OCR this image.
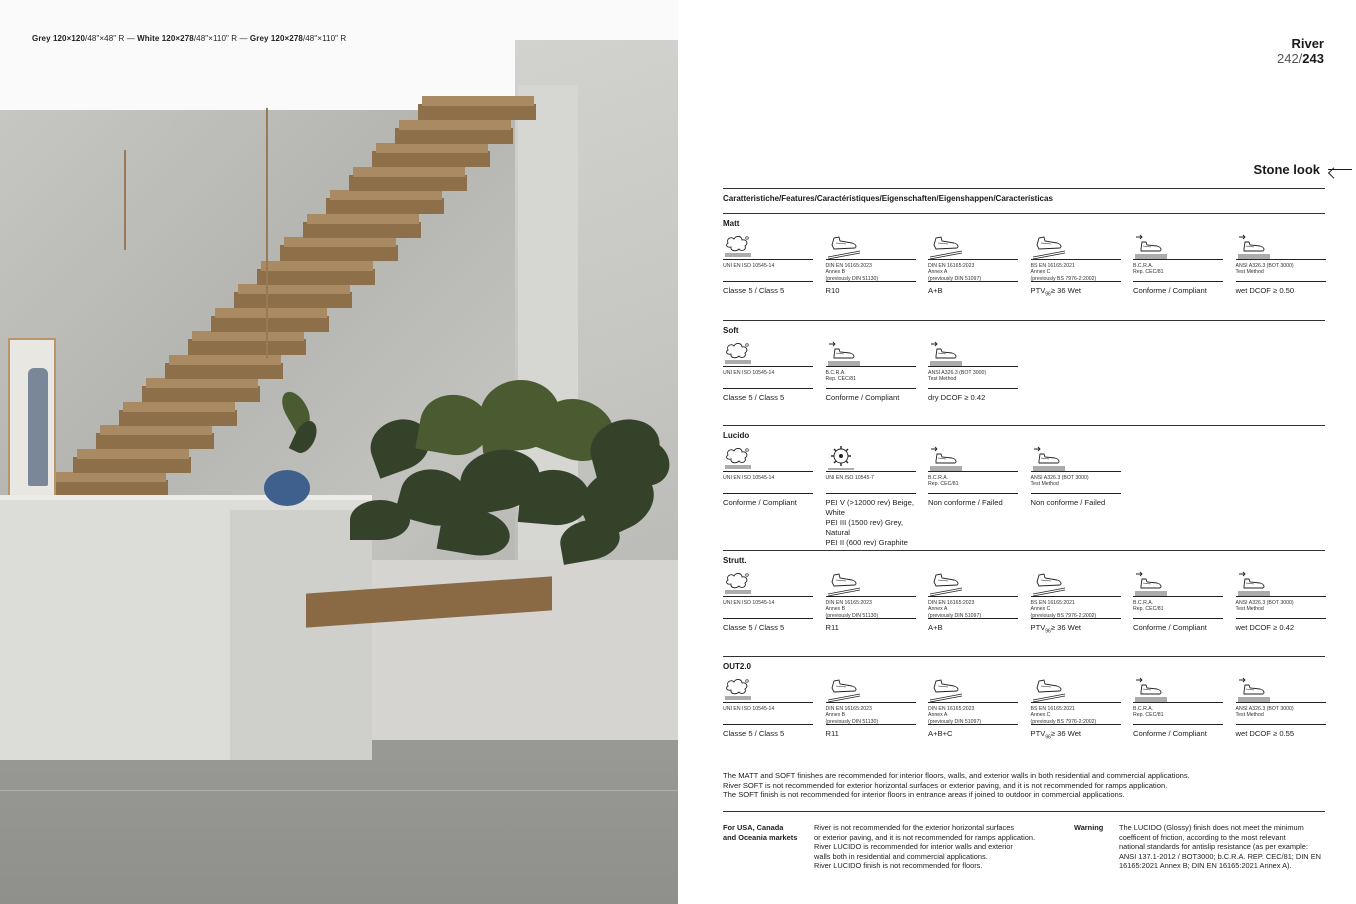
Grey 120×120/48"×48" R — White 120×278/48"×110" R — Grey 120×278/48"×110" R	River
242/243
Stone look
Caratteristiche/Features/Caractéristiques/Eigenschaften/Eigenshappen/Características
Matt
UNI EN ISO 10545-14
Classe 5 / Class 5
DIN EN 16165:2023
Annex B
(previously DIN 51130)
R10
DIN EN 16165:2023
Annex A
(previously DIN 51097)
A+B
BS EN 16165:2021
Annex C
(previously BS 7976-2:2002)
$PTV_{96}\ge 36$ Wet
B.C.R.A.
Rep. CEC/81
Conforme / Compliant
ANSI A326.3 (BOT 3000)
Test Method
wet DCOF ≥ 0.50
Soft
UNI EN ISO 10545-14
Classe 5 / Class 5
B.C.R.A.
Rep. CEC/81
Conforme / Compliant
ANSI A326.3 (BOT 3000)
Test Method
dry DCOF ≥ 0.42
Lucido
UNI EN ISO 10545-14
Conforme / Compliant
UNI EN ISO 10545-7
PEI V (>12000 rev) Beige, White
PEI III (1500 rev) Grey, Natural
PEI II (600 rev) Graphite
B.C.R.A.
Rep. CEC/81
Non conforme / Failed
ANSI A326.3 (BOT 3000)
Test Method
Non conforme / Failed
Strutt.
UNI EN ISO 10545-14
Classe 5 / Class 5
DIN EN 16165:2023
Annex B
(previously DIN 51130)
R11
DIN EN 16165:2023
Annex A
(previously DIN 51097)
A+B
BS EN 16165:2021
Annex C
(previously BS 7976-2:2002)
$PTV_{96}\ge 36$ Wet
B.C.R.A.
Rep. CEC/81
Conforme / Compliant
ANSI A326.3 (BOT 3000)
Test Method
wet DCOF ≥ 0.42
OUT2.0
UNI EN ISO 10545-14
Classe 5 / Class 5
DIN EN 16165:2023
Annex B
(previously DIN 51130)
R11
DIN EN 16165:2023
Annex A
(previously DIN 51097)
A+B+C
BS EN 16165:2021
Annex C
(previously BS 7976-2:2002)
$PTV_{96}\ge 36$ Wet
B.C.R.A.
Rep. CEC/81
Conforme / Compliant
ANSI A326.3 (BOT 3000)
Test Method
wet DCOF ≥ 0.55
The MATT and SOFT finishes are recommended for interior floors, walls, and exterior walls in both residential and commercial applications.
River SOFT is not recommended for exterior horizontal surfaces or exterior paving, and it is not recommended for ramps application.
The SOFT finish is not recommended for interior floors in entrance areas if joined to outdoor in commercial applications.
For USA, Canada
and Oceania markets
River is not recommended for the exterior horizontal surfaces
or exterior paving, and it is not recommended for ramps application.
River LUCIDO is recommended for interior walls and exterior
walls both in residential and commercial applications.
River LUCIDO finish is not recommended for floors.
Warning The LUCIDO (Glossy) finish does not meet the minimum
coefficent of friction, according to the most relevant
national standards for antislip resistance (as per example:
ANSI 137.1-2012 / BOT3000; b.C.R.A. REP. CEC/81; DIN EN
16165:2021 Annex B; DIN EN 16165:2021 Annex A).
